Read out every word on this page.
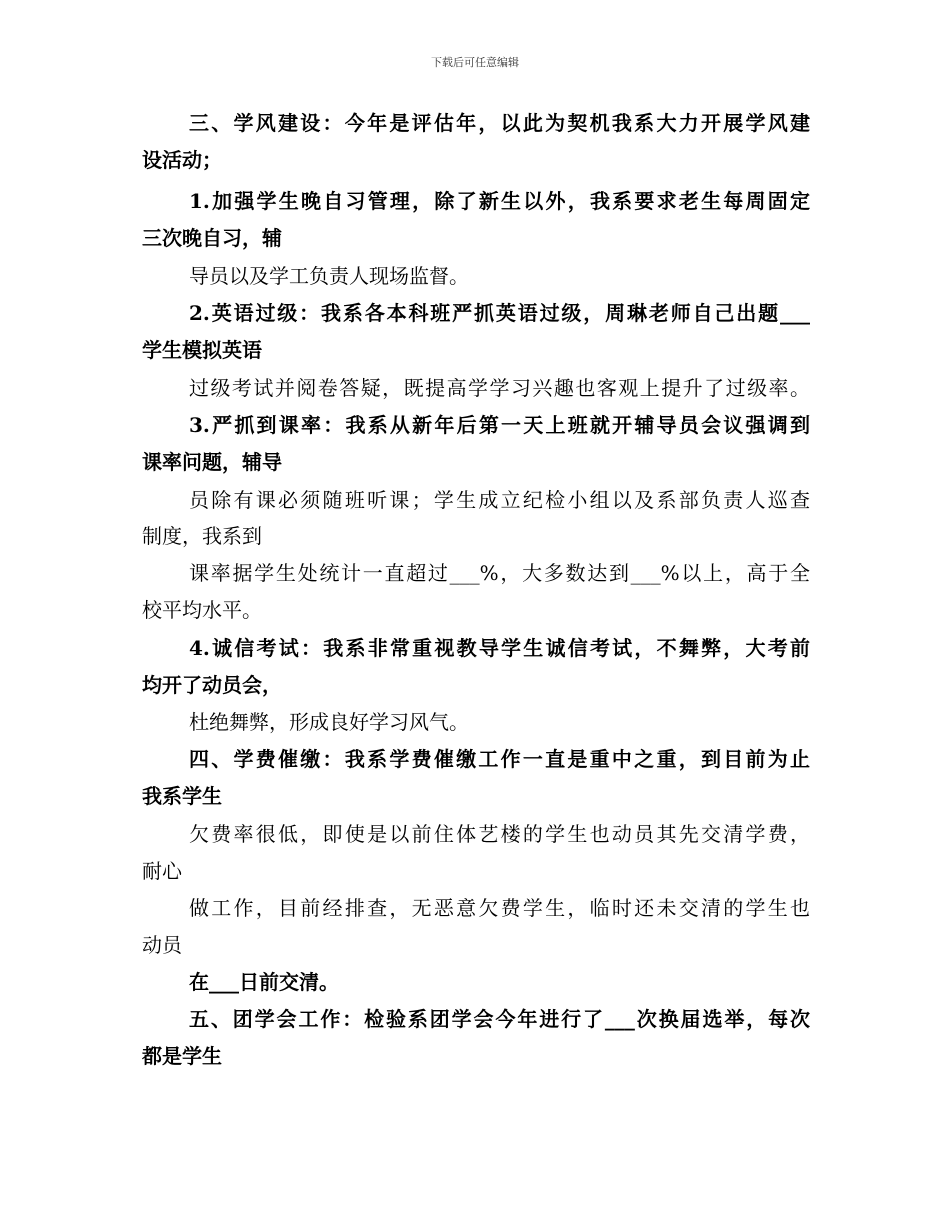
下载后可任意编辑
三、学风建设：今年是评估年，以此为契机我系大力开展学风建
设活动；
1.加强学生晚自习管理，除了新生以外，我系要求老生每周固定
三次晚自习，辅
导员以及学工负责人现场监督。
2.英语过级：我系各本科班严抓英语过级，周琳老师自己出题___
学生模拟英语
过级考试并阅卷答疑，既提高学学习兴趣也客观上提升了过级率。
3.严抓到课率：我系从新年后第一天上班就开辅导员会议强调到
课率问题，辅导
员除有课必须随班听课；学生成立纪检小组以及系部负责人巡查
制度，我系到
课率据学生处统计一直超过___%，大多数达到___%以上，高于全
校平均水平。
4.诚信考试：我系非常重视教导学生诚信考试，不舞弊，大考前
均开了动员会，
杜绝舞弊，形成良好学习风气。
四、学费催缴：我系学费催缴工作一直是重中之重，到目前为止
我系学生
欠费率很低，即使是以前住体艺楼的学生也动员其先交清学费，
耐心
做工作，目前经排查，无恶意欠费学生，临时还未交清的学生也
动员
在___日前交清。
五、团学会工作：检验系团学会今年进行了___次换届选举，每次
都是学生
